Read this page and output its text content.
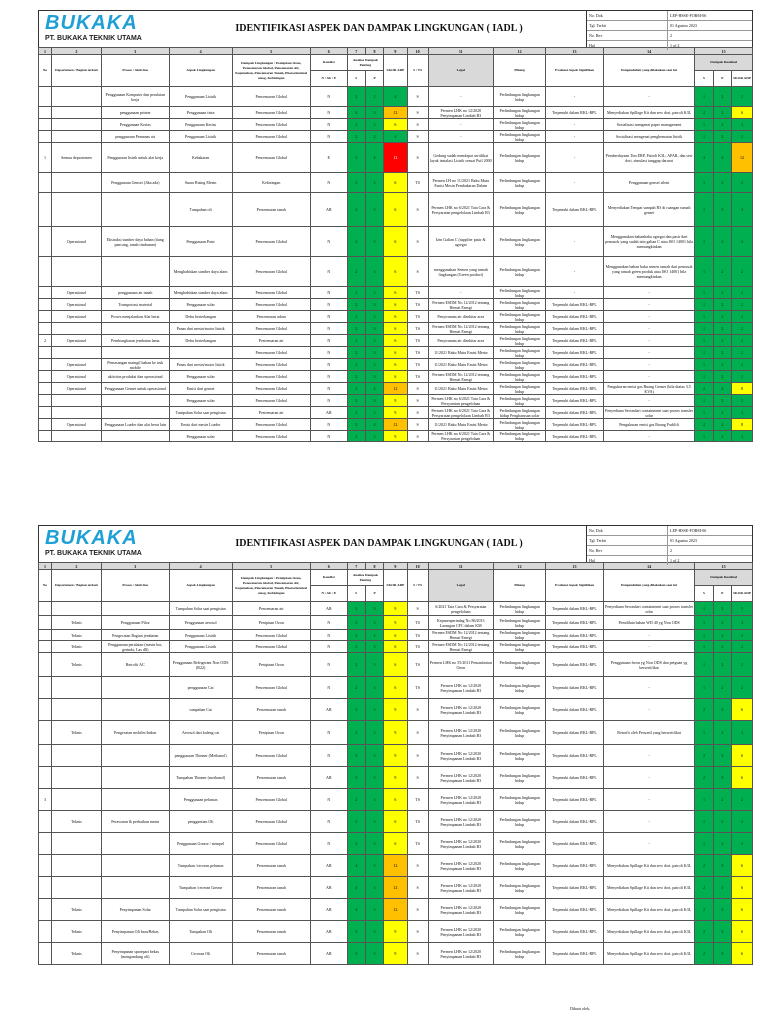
BUKAKA
PT. BUKAKA TEKNIK UTAMA
IDENTIFIKASI ASPEK DAN DAMPAK LINGKUNGAN ( IADL )
No. Dok	LEP-HSSE-FORM-06
Tgl. Terbit	01 Agustus 2023
No. Rev	2
Hal	1 of 2
1	2	3	4	5	6	7	8	9	10	11	12	13	14	15		
No	Departemen / Bagian terkait	Proses / Aktivitas	Aspek Lingkungan	Dampak Lingkungan : Pemipisan Ozon, Pencemaran Global, Pencemaran Air, Kepunahan, Pencemaran Tanah, Photochemical smog, Kebisingan	Kondisi	Analisa Dampak Penting		SKOR ADP	S / TS	Legal	Pihang	Evaluasi Aspek Signifikan	Pengendalian yang dilakukan saat ini	Dampak Residual		
					N / Ab / E	S	P							S	P	SKOR ADP
		Penggunaan Komputer dan peralatan kerja	Penggunaan Listrik	Pencemaran Global	N	2	2	4	S	-	Perlindungan lingkungan hidup	-	-	1	2	2
		penggunaan printer	Penggunaan tinta	Pencemaran Global	N	4	3	12	S	Permen LHK no 12/2020 Penyimpanan Limbah B3	Perlindungan lingkungan hidup	Terpenuhi dalam RKL-RPL	Menyediakan Spillage Kit dan sew dori, patroli K3L	2	3	6
		Penggunaan Kertas	Penggunaan Kertas	Pencemaran Global	N	2	3	6	S	-	Perlindungan lingkungan hidup	-	Sosialisasi mengenai paper management	1	3	3
		penggunaan Pemanas air	Penggunaan Listrik	Pencemaran Global	N	2	2	4	S	-	Perlindungan lingkungan hidup	-	Sosialisasi mengenai penghematan listrik	1	2	2
1	Semua departemen	Penggunaan listrik untuk alat kerja	Kebakaran	Pencemaran Global	E	3	4	12	S	Gedung sudah mendapat sertifikat layak instalasi Listrik sesuai Puil 2000	Perlindungan lingkungan hidup	-	Pemberdayaan Tim ERP, Patroli K3L, APAR, dan sew dori, simulasi tanggap darurat	3	4	12
		Penggunaan Genset (Jika ada)	Suara Bising Mesin	Kebisingan	N	2	2	6	TS	Permen LH no 11/2021 Baku Mutu Emisi Mesin Pembakaran Dalam	Perlindungan lingkungan hidup	-	Penggunaan genset silent	1	2	2
			Tumpahan oli	Pencemaran tanah	AB	2	3	6	S	Permen LHK no 6/2021 Tata Cara & Persyaratan pengelolaan Limbah B3	Perlindungan lingkungan hidup	Terpenuhi dalam RKL-RPL	Menyediakan Tempat sampah B3 di ruangan rumah genset	1	3	3
	Operasional	Ekstraksi sumber daya bahan (tiang pancang, tanah timbunan)	Penggunaan Pasir	Pencemaran Global	N	2	3	6	S	Izin Galian C (supplier pasir & agregat	Perlindungan lingkungan hidup	-	Menggunakan bahanbaku agregat dan pasir dari pemasok yang sudah izin galian C atau ISO 14001 bila memungkinkan	1	2	2
			Menghabiskan sumber daya alam	Pencemaran Global	N	2	3	6	S	menggunakan Semen yang ramah lingkungan (Green product)	Perlindungan lingkungan hidup	-	Menggunakan bahan baku semen ramah dari pemasok yang ramah green produk atau ISO 14001 bila memungkinkan	1	2	2
	Operasional	penggunaan air tanah	Menghabiskan sumber daya alam	Pencemaran Global	N	2	3	6	TS	-	Perlindungan lingkungan hidup	-	-	1	2	2
	Operasional	Transportasi material	Penggunaan solar	Pencemaran Global	N	2	3	6	TS	Permen ESDM No 12/2012 tentang Hemat Energi	Perlindungan lingkungan hidup	Terpenuhi dalam RKL-RPL	-	1	2	2
	Operasional	Proses menjalankan Alat berat	Debu berterbangan	Pencemaran udara	N	2	3	6	TS	Penyiraman air disekitar area	Perlindungan lingkungan hidup	Terpenuhi dalam RKL-RPL	-	1	2	2
			Panas dari mesin/motor listrik	Pencemaran Global	N	2	3	6	TS	Permen ESDM No 12/2012 tentang Hemat Energi	Perlindungan lingkungan hidup	Terpenuhi dalam RKL-RPL	-	1	2	2
2	Operasional	Pembongkaran jembatan lama	Debu berterbangan	Pencemaran air	N	2	3	6	TS	Penyiraman air disekitar area	Perlindungan lingkungan hidup	Terpenuhi dalam RKL-RPL	-	1	2	2
				Pencemaran Global	N	2	3	6	TS	11/2021 Baku Mutu Emisi Mesin	Perlindungan lingkungan hidup	Terpenuhi dalam RKL-RPL	-	1	2	2
	Operasional	Pemasangan maingil bahan ke truk mobile	Panas dari mesin/motor listrik	Pencemaran Global	N	2	3	6	TS	11/2021 Baku Mutu Emisi Mesin	Perlindungan lingkungan hidup	Terpenuhi dalam RKL-RPL	-	1	2	2
	Operasional	aktivitas produksi dan operasional	Penggunaan solar	Pencemaran Global	N	2	3	6	TS	Permen ESDM No 12/2012 tentang Hemat Energi	Perlindungan lingkungan hidup	Terpenuhi dalam RKL-RPL	-	1	2	2
	Operasional	Penggunaan Genset untuk operasional	Emisi dari genset	Pencemaran Global	N	3	4	12	S	11/2021 Baku Mutu Emisi Mesin	Perlindungan lingkungan hidup	Terpenuhi dalam RKL-RPL	Pengukuran emisi gas Buang Genset (bila diatas 3,5 KVA)	2	4	8
			Penggunaan solar	Pencemaran Global	N	3	3	9	S	Permen LHK no 6/2021 Tata Cara & Persyaratan pengelolaan	Perlindungan lingkungan hidup	Terpenuhi dalam RKL-RPL	-	1	3	3
			Tumpahan Solar saat pengisian	Pencemaran air	AB	3	3	9	S	Permen LHK no 6/2021 Tata Cara & Persyaratan pengelolaan Limbah B3	Perlindungan lingkungan hidup Pengharusan solar	Terpenuhi dalam RKL-RPL	Penyediaan Secondari containment saat proses transfer solar	1	3	3
	Operasional	Penggunaan Loader dan alat berat lain	Emisi dari mesin Loader	Pencemaran Global	N	3	4	12	S	11/2021 Baku Mutu Emisi Mesin	Perlindungan lingkungan hidup	Terpenuhi dalam RKL-RPL	Pengukuran emisi gas Buang Forklift	2	4	8
			Penggunaan solar	Pencemaran Global	N	3	3	9	S	Permen LHK no 6/2021 Tata Cara & Persyaratan pengelolaan	Perlindungan lingkungan hidup	Terpenuhi dalam RKL-RPL	-	1	3	3
BUKAKA
PT. BUKAKA TEKNIK UTAMA
IDENTIFIKASI ASPEK DAN DAMPAK LINGKUNGAN ( IADL )
No. Dok	LEP-HSSE-FORM-06
Tgl. Terbit	01 Agustus 2023
No. Rev	2
Hal	1 of 2
1	2	3	4	5	6	7	8	9	10	11	12	13	14	15		
No	Departemen / Bagian terkait	Proses / Aktivitas	Aspek Lingkungan	Dampak Lingkungan : Pemipisan Ozon, Pencemaran Global, Pencemaran Air, Kepunahan, Pencemaran Tanah, Photochemical smog, Kebisingan	Kondisi	Analisa Dampak Penting		SKOR ADP	S / TS	Legal	Pihang	Evaluasi Aspek Signifikan	Pengendalian yang dilakukan saat ini	Dampak Residual		
					N / Ab / E	S	P							S	P	SKOR ADP
			Tumpahan Solar saat pengisian	Pencemaran air	AB	3	3	9	S	6/2021 Tata Cara & Persyaratan pengelolaan	Perlindungan lingkungan hidup	Terpenuhi dalam RKL-RPL	Penyediaan Secondari containment saat proses transfer solar	1	3	3
	Teknis	Penggunaan Piloz	Penggunaan aerosol	Penipisan Ozon	N	3	3	9	TS	Kepmenperindag No 86/2013 Larangan CFC dalam KM	Perlindungan lingkungan hidup	Terpenuhi dalam RKL-RPL	Pemilihan bahan WD 40 yg Non ODS	1	3	3
	Teknis	Pengecatan Bagian jembatan	Penggunaan Listrik	Pencemaran Global	N	2	2	6	TS	Permen ESDM No 12/2012 tentang Hemat Energi	Perlindungan lingkungan hidup	Terpenuhi dalam RKL-RPL	-	1	2	2
	Teknis	Penggunaan peralatan (mesin bor, gerinda, Las dll)	Penggunaan Listrik	Pencemaran Global	N	2	3	6	TS	Permen ESDM No 12/2012 tentang Hemat Energi	Perlindungan lingkungan hidup	Terpenuhi dalam RKL-RPL	-	1	2	2
	Teknis	Retrofit AC	Penggunaan Refrigerant Non ODS (R22)	Penipisan Ozon	N	2	3	6	TS	Permen LHK no 55/2011 Pemanfaatan Ozon	Perlindungan lingkungan hidup	Terpenuhi dalam RKL-RPL	Penggunaan freon yg Non ODS dan petguan yg bersertifikat	1	2	2
			penggunaan Cat	Pencemaran Global	N	2	3	6	TS	Permen LHK no 12/2020 Penyimpanan Limbah B3	Perlindungan lingkungan hidup	Terpenuhi dalam RKL-RPL	-	1	2	2
			tumpahan Cat	Pencemaran tanah	AB	3	3	9	S	Permen LHK no 12/2020 Penyimpanan Limbah B3	Perlindungan lingkungan hidup	Terpenuhi dalam RKL-RPL	-	2	3	6
	Teknis	Pengecatan mobiler/bisbar	Aerosol dari kaleng cat	Penipisan Ozon	N	3	3	9	S	Permen LHK no 12/2020 Penyimpanan Limbah B3	Perlindungan lingkungan hidup	Terpenuhi dalam RKL-RPL	Retrofit oleh Personil yang bersertifikat	1	3	3
			penggunaan Thinner (Methanol)	Pencemaran Global	N	3	3	9	S	Permen LHK no 12/2020 Penyimpanan Limbah B3	Perlindungan lingkungan hidup	Terpenuhi dalam RKL-RPL	-	2	3	6
			Tumpahan Thinner (methanol)	Pencemaran tanah	AB	3	3	9	S	Permen LHK no 12/2020 Penyimpanan Limbah B3	Perlindungan lingkungan hidup	Terpenuhi dalam RKL-RPL	-	2	3	6
3			Penggunaan pelumas	Pencemaran Global	N	2	3	6	TS	Permen LHK no 12/2020 Penyimpanan Limbah B3	Perlindungan lingkungan hidup	Terpenuhi dalam RKL-RPL	-	1	2	2
	Teknis	Perawatan & perbaikan mesin	penggantian Oli	Pencemaran Global	N	2	3	6	TS	Permen LHK no 12/2020 Penyimpanan Limbah B3	Perlindungan lingkungan hidup	Terpenuhi dalam RKL-RPL	-	1	2	2
			Penggunaan Grease / stempel	Pencemaran Global	N	2	3	6	TS	Permen LHK no 12/2020 Penyimpanan Limbah B3	Perlindungan lingkungan hidup	Terpenuhi dalam RKL-RPL	-	1	2	2
			Tumpahan /ceceran pelumas	Pencemaran tanah	AB	4	3	12	S	Permen LHK no 12/2020 Penyimpanan Limbah B3	Perlindungan lingkungan hidup	Terpenuhi dalam RKL-RPL	Menyediakan Spillage Kit dan sew dori, patroli K3L	2	3	6
			Tumpahan /ceceran Grease	Pencemaran tanah	AB	4	3	12	S	Permen LHK no 12/2020 Penyimpanan Limbah B3	Perlindungan lingkungan hidup	Terpenuhi dalam RKL-RPL	Menyediakan Spillage Kit dan sew dori, patroli K3L	2	3	6
	Teknis	Penyimpanan Solar	Tumpahan Solar saat pengisian	Pencemaran tanah	AB	4	3	12	S	Permen LHK no 12/2020 Penyimpanan Limbah B3	Perlindungan lingkungan hidup	Terpenuhi dalam RKL-RPL	Menyediakan Spillage Kit dan sew dori, patroli K3L	2	3	6
	Teknis	Penyimpanan Oli bara/Bekas	Tumpahan Oli	Pencemaran tanah	AB	3	3	9	S	Permen LHK no 12/2020 Penyimpanan Limbah B3	Perlindungan lingkungan hidup	Terpenuhi dalam RKL-RPL	Menyediakan Spillage Kit dan sew dori, patroli K3L	2	3	6
	Teknis	Penyimpanan sparepart bekas (mengandung oli)	Ceceran Oli	Pencemaran tanah	AB	3	3	9	S	Permen LHK no 12/2020 Penyimpanan Limbah B3	Perlindungan lingkungan hidup	Terpenuhi dalam RKL-RPL	Menyediakan Spillage Kit dan sew dori, patroli K3L	2	3	6
Dibuat oleh,
